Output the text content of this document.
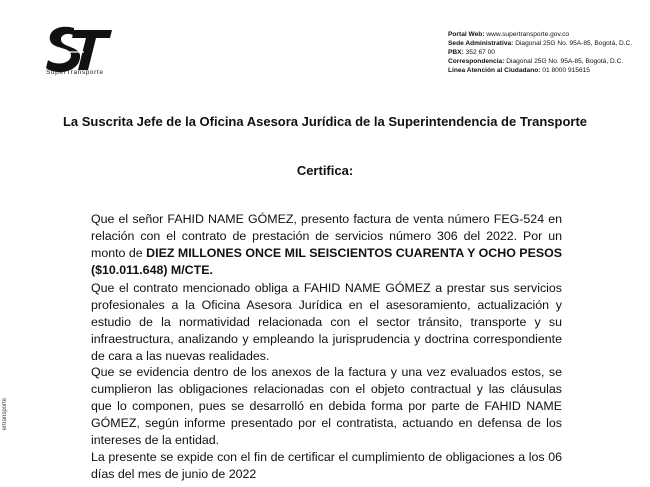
SuperTransporte
Portal Web: www.supertransporte.gov.co
Sede Administrativa: Diagonal 25G No. 95A-85, Bogotá, D.C.
PBX: 352 67 00
Correspondencia: Diagonal 25G No. 95A-85, Bogotá, D.C.
Línea Atención al Ciudadano: 01 8000 915615
La Suscrita Jefe de la Oficina Asesora Jurídica de la Superintendencia de Transporte
Certifica:
Que el señor FAHID NAME GÓMEZ, presento factura de venta número FEG-524 en relación con el contrato de prestación de servicios número 306 del 2022. Por un monto de DIEZ MILLONES ONCE MIL SEISCIENTOS CUARENTA Y OCHO PESOS ($10.011.648) M/CTE.
Que el contrato mencionado obliga a FAHID NAME GÓMEZ a prestar sus servicios profesionales a la Oficina Asesora Jurídica en el asesoramiento, actualización y estudio de la normatividad relacionada con el sector tránsito, transporte y su infraestructura, analizando y empleando la jurisprudencia y doctrina correspondiente de cara a las nuevas realidades.
Que se evidencia dentro de los anexos de la factura y una vez evaluados estos, se cumplieron las obligaciones relacionadas con el objeto contractual y las cláusulas que lo componen, pues se desarrolló en debida forma por parte de FAHID NAME GÓMEZ, según informe presentado por el contratista, actuando en defensa de los intereses de la entidad.
La presente se expide con el fin de certificar el cumplimiento de obligaciones a los 06 días del mes de junio de 2022
ertransporte
